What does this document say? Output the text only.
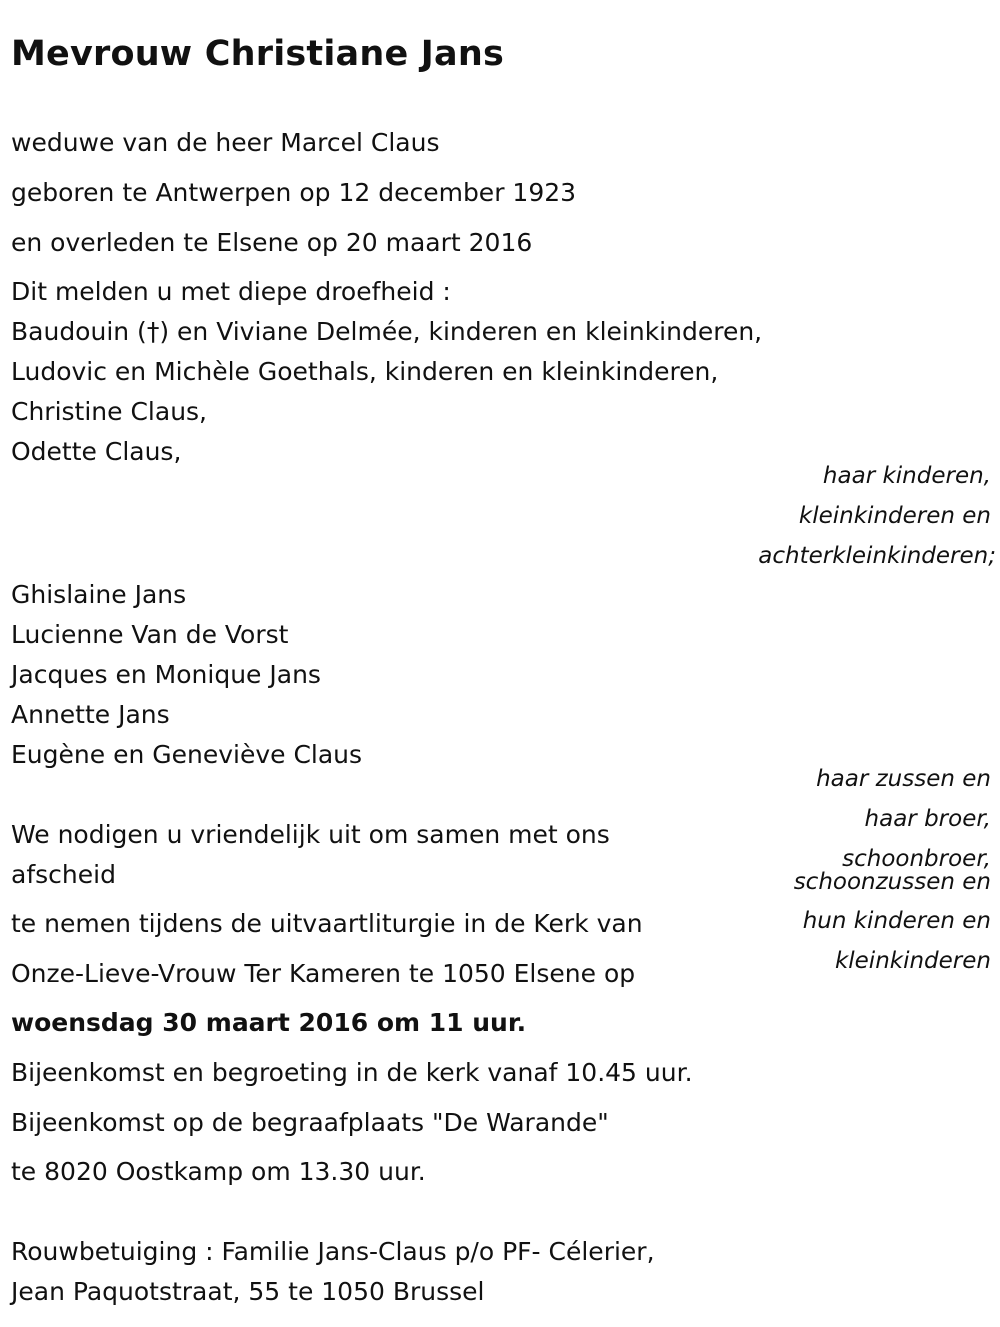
Mevrouw Christiane Jans
weduwe van de heer Marcel Claus
geboren te Antwerpen op 12 december 1923
en overleden te Elsene op 20 maart 2016
Dit melden u met diepe droefheid :
Baudouin (†) en Viviane Delmée, kinderen en kleinkinderen,
Ludovic en Michèle Goethals, kinderen en kleinkinderen,
Christine Claus,
Odette Claus,
haar kinderen,
kleinkinderen en
achterkleinkinderen;
Ghislaine Jans
Lucienne Van de Vorst
Jacques en Monique Jans
Annette Jans
Eugène en Geneviève Claus
haar zussen en
haar broer,
schoonbroer,
schoonzussen en
hun kinderen en
kleinkinderen
We nodigen u vriendelijk uit om samen met ons
afscheid
te nemen tijdens de uitvaartliturgie in de Kerk van
Onze-Lieve-Vrouw Ter Kameren te 1050 Elsene op
woensdag 30 maart 2016 om 11 uur.
Bijeenkomst en begroeting in de kerk vanaf 10.45 uur.
Bijeenkomst op de begraafplaats "De Warande"
te 8020 Oostkamp om 13.30 uur.
Rouwbetuiging : Familie Jans-Claus p/o PF- Célerier,
Jean Paquotstraat, 55 te 1050 Brussel
